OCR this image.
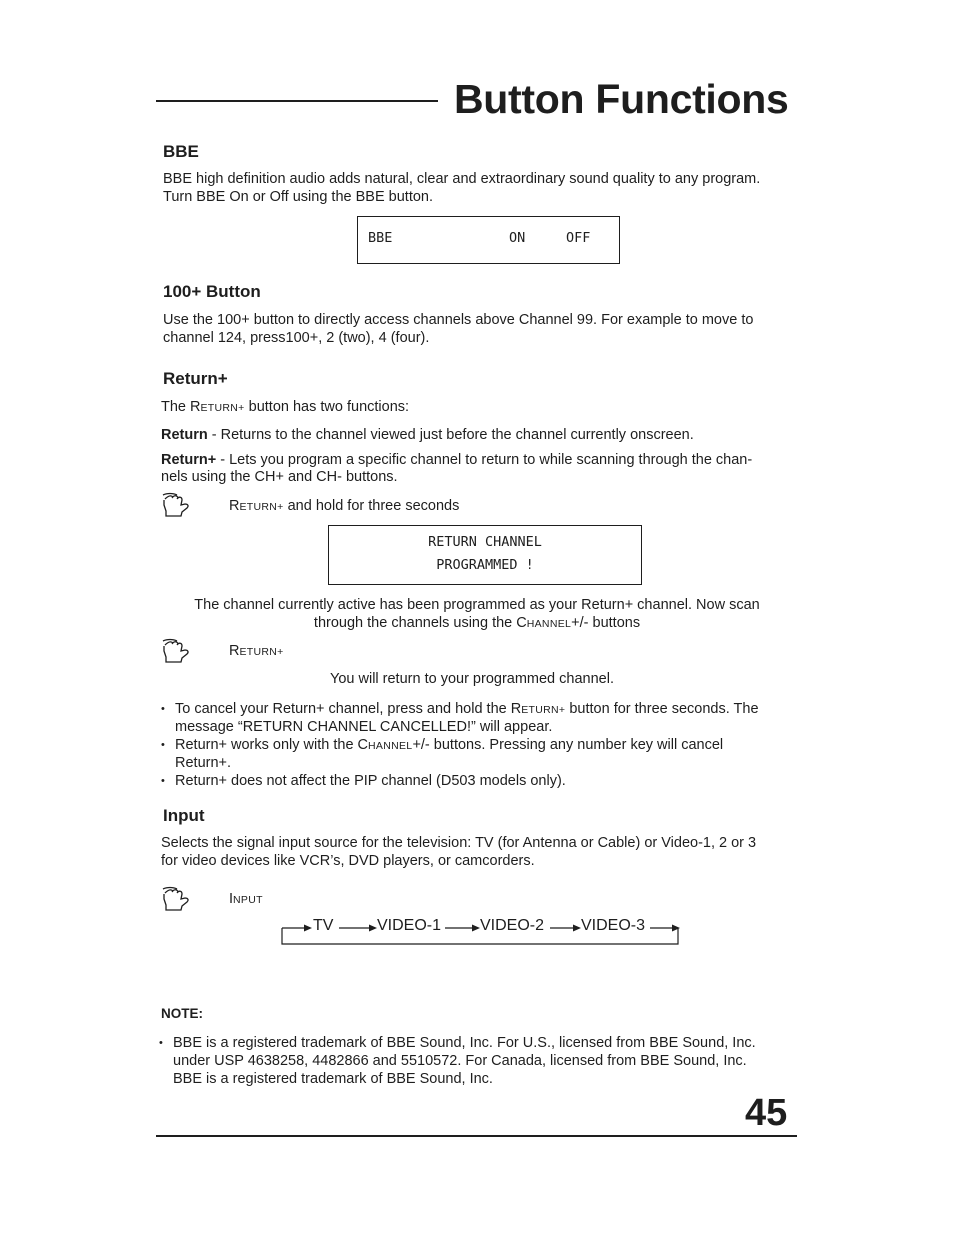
Button Functions
BBE
BBE high definition audio adds natural, clear and extraordinary sound quality to any program.
Turn BBE On or Off using the BBE button.
BBE	ON	OFF
100+ Button
Use the 100+ button to directly access channels above Channel 99. For example to move to
channel 124, press100+, 2 (two), 4 (four).
Return+
The RETURN+ button has two functions:
Return - Returns to the channel viewed just before the channel currently onscreen.
Return+ - Lets you program a specific channel to return to while scanning through the chan-
nels using the CH+ and CH- buttons.
RETURN+ and hold for three seconds
RETURN CHANNEL
PROGRAMMED !
The channel currently active has been programmed as your Return+ channel. Now scan
through the channels using the CHANNEL+/- buttons
RETURN+
You will return to your programmed channel.
• To cancel your Return+ channel, press and hold the RETURN+ button for three seconds. The
message “RETURN CHANNEL CANCELLED!” will appear.
• Return+ works only with the CHANNEL+/- buttons. Pressing any number key will cancel
Return+.
• Return+ does not affect the PIP channel (D503 models only).
Input
Selects the signal input source for the television: TV (for Antenna or Cable) or Video-1, 2 or 3
for video devices like VCR’s, DVD players, or camcorders.
INPUT
TV	VIDEO-1 VIDEO-2 VIDEO-3
NOTE:
• BBE is a registered trademark of BBE Sound, Inc. For U.S., licensed from BBE Sound, Inc.
under USP 4638258, 4482866 and 5510572. For Canada, licensed from BBE Sound, Inc.
BBE is a registered trademark of BBE Sound, Inc.
45
